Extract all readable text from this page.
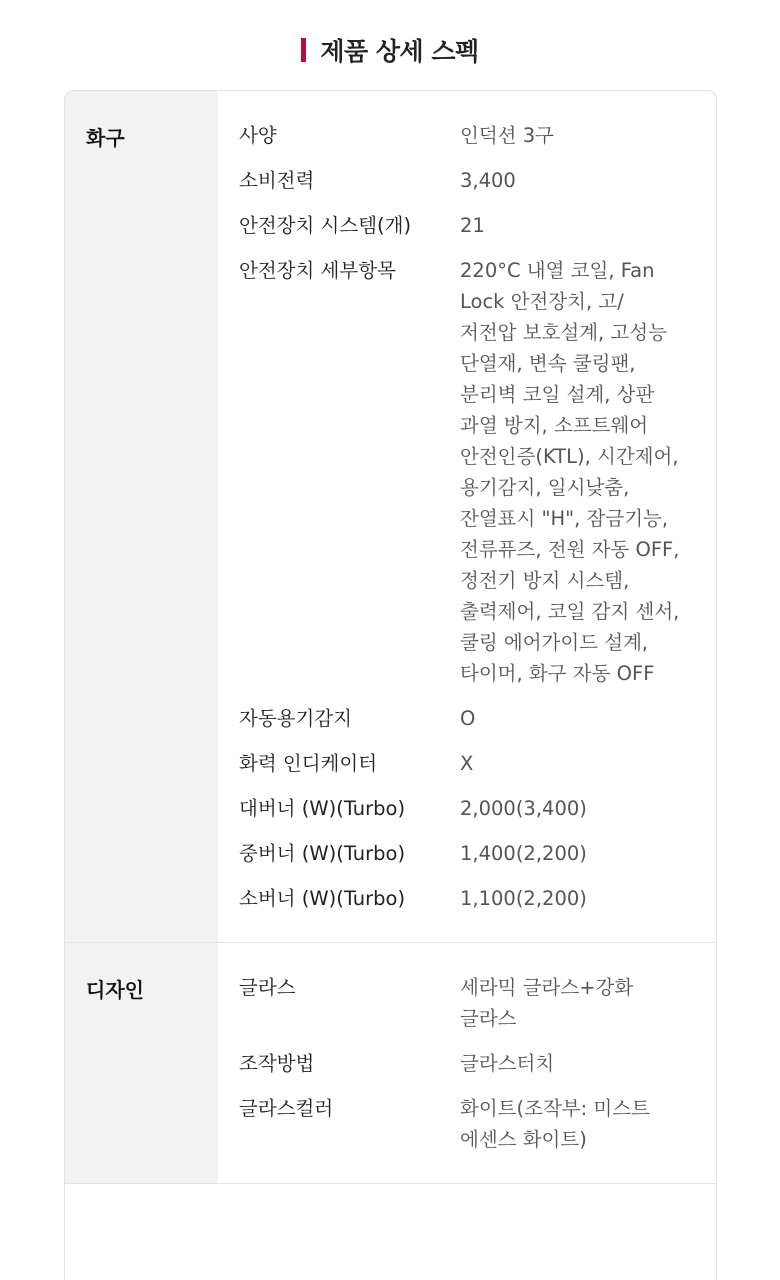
제품 상세 스펙
화구	사양	인덕션 3구
소비전력	3,400
안전장치 시스템(개)	21
안전장치 세부항목	220°C 내열 코일, Fan Lock 안전장치, 고/저전압 보호설계, 고성능 단열재, 변속 쿨링팬, 분리벽 코일 설계, 상판 과열 방지, 소프트웨어 안전인증(KTL), 시간제어, 용기감지, 일시낮춤, 잔열표시 "H", 잠금기능, 전류퓨즈, 전원 자동 OFF, 정전기 방지 시스템, 출력제어, 코일 감지 센서, 쿨링 에어가이드 설계, 타이머, 화구 자동 OFF
자동용기감지	O
화력 인디케이터	X
대버너 (W)(Turbo)	2,000(3,400)
중버너 (W)(Turbo)	1,400(2,200)
소버너 (W)(Turbo)	1,100(2,200)
디자인	글라스	세라믹 글라스+강화 글라스
조작방법	글라스터치
글라스컬러	화이트(조작부: 미스트 에센스 화이트)
